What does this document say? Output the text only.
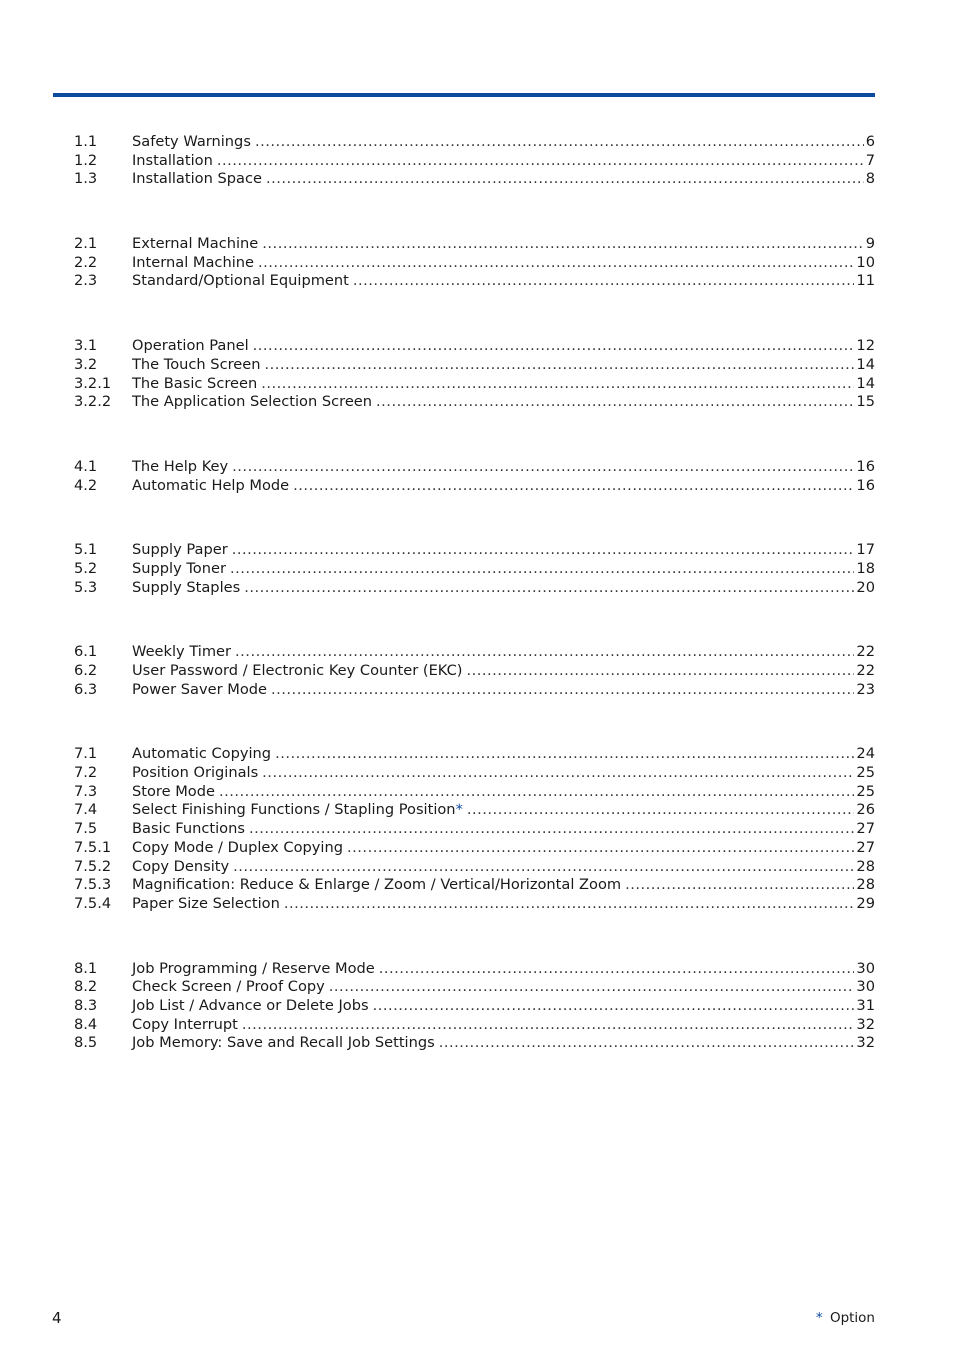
1.1	Safety Warnings .....	6
1.2	Installation .....	7
1.3	Installation Space .....	8
2.1	External Machine .....	9
2.2	Internal Machine .....	10
2.3	Standard/Optional Equipment .....	11
3.1	Operation Panel .....	12
3.2	The Touch Screen .....	14
3.2.1	The Basic Screen .....	14
3.2.2	The Application Selection Screen .....	15
4.1	The Help Key .....	16
4.2	Automatic Help Mode .....	16
5.1	Supply Paper .....	17
5.2	Supply Toner .....	18
5.3	Supply Staples .....	20
6.1	Weekly Timer .....	22
6.2	User Password / Electronic Key Counter (EKC) .....	22
6.3	Power Saver Mode .....	23
7.1	Automatic Copying .....	24
7.2	Position Originals .....	25
7.3	Store Mode .....	25
7.4	Select Finishing Functions / Stapling Position* .....	26
7.5	Basic Functions .....	27
7.5.1	Copy Mode / Duplex Copying .....	27
7.5.2	Copy Density .....	28
7.5.3	Magnification: Reduce & Enlarge / Zoom / Vertical/Horizontal Zoom .....	28
7.5.4	Paper Size Selection .....	29
8.1	Job Programming / Reserve Mode .....	30
8.2	Check Screen / Proof Copy .....	30
8.3	Job List / Advance or Delete Jobs .....	31
8.4	Copy Interrupt .....	32
8.5	Job Memory: Save and Recall Job Settings .....	32
4	* Option
